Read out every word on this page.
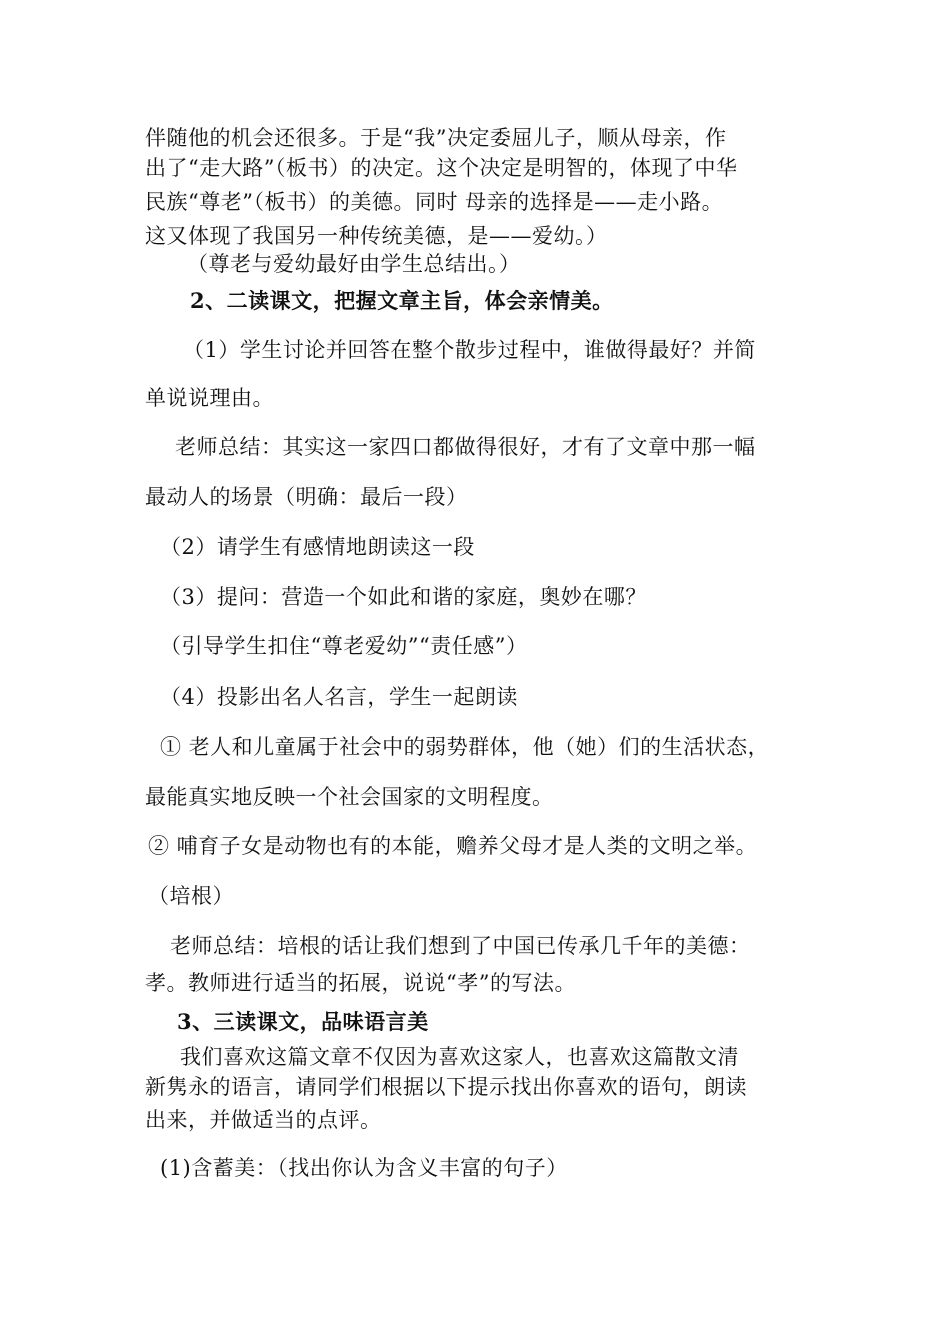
伴随他的机会还很多。于是“我”决定委屈儿子，顺从母亲，作
出了“走大路”（板书）的决定。这个决定是明智的，体现了中华
民族“尊老”（板书）的美德。同时 母亲的选择是——走小路。
这又体现了我国另一种传统美德，是——爱幼。）
（尊老与爱幼最好由学生总结出。）
2、二读课文，把握文章主旨，体会亲情美。
（1）学生讨论并回答在整个散步过程中，谁做得最好？并简
单说说理由。
老师总结：其实这一家四口都做得很好，才有了文章中那一幅
最动人的场景（明确：最后一段）
（2）请学生有感情地朗读这一段
（3）提问：营造一个如此和谐的家庭，奥妙在哪？
（引导学生扣住“尊老爱幼”“责任感”）
（4）投影出名人名言，学生一起朗读
① 老人和儿童属于社会中的弱势群体，他（她）们的生活状态，
最能真实地反映一个社会国家的文明程度。
② 哺育子女是动物也有的本能，赡养父母才是人类的文明之举。
（培根）
老师总结：培根的话让我们想到了中国已传承几千年的美德：
孝。教师进行适当的拓展，说说“孝”的写法。
3、三读课文，品味语言美
我们喜欢这篇文章不仅因为喜欢这家人，也喜欢这篇散文清
新隽永的语言，请同学们根据以下提示找出你喜欢的语句，朗读
出来，并做适当的点评。
(1)含蓄美：（找出你认为含义丰富的句子）
